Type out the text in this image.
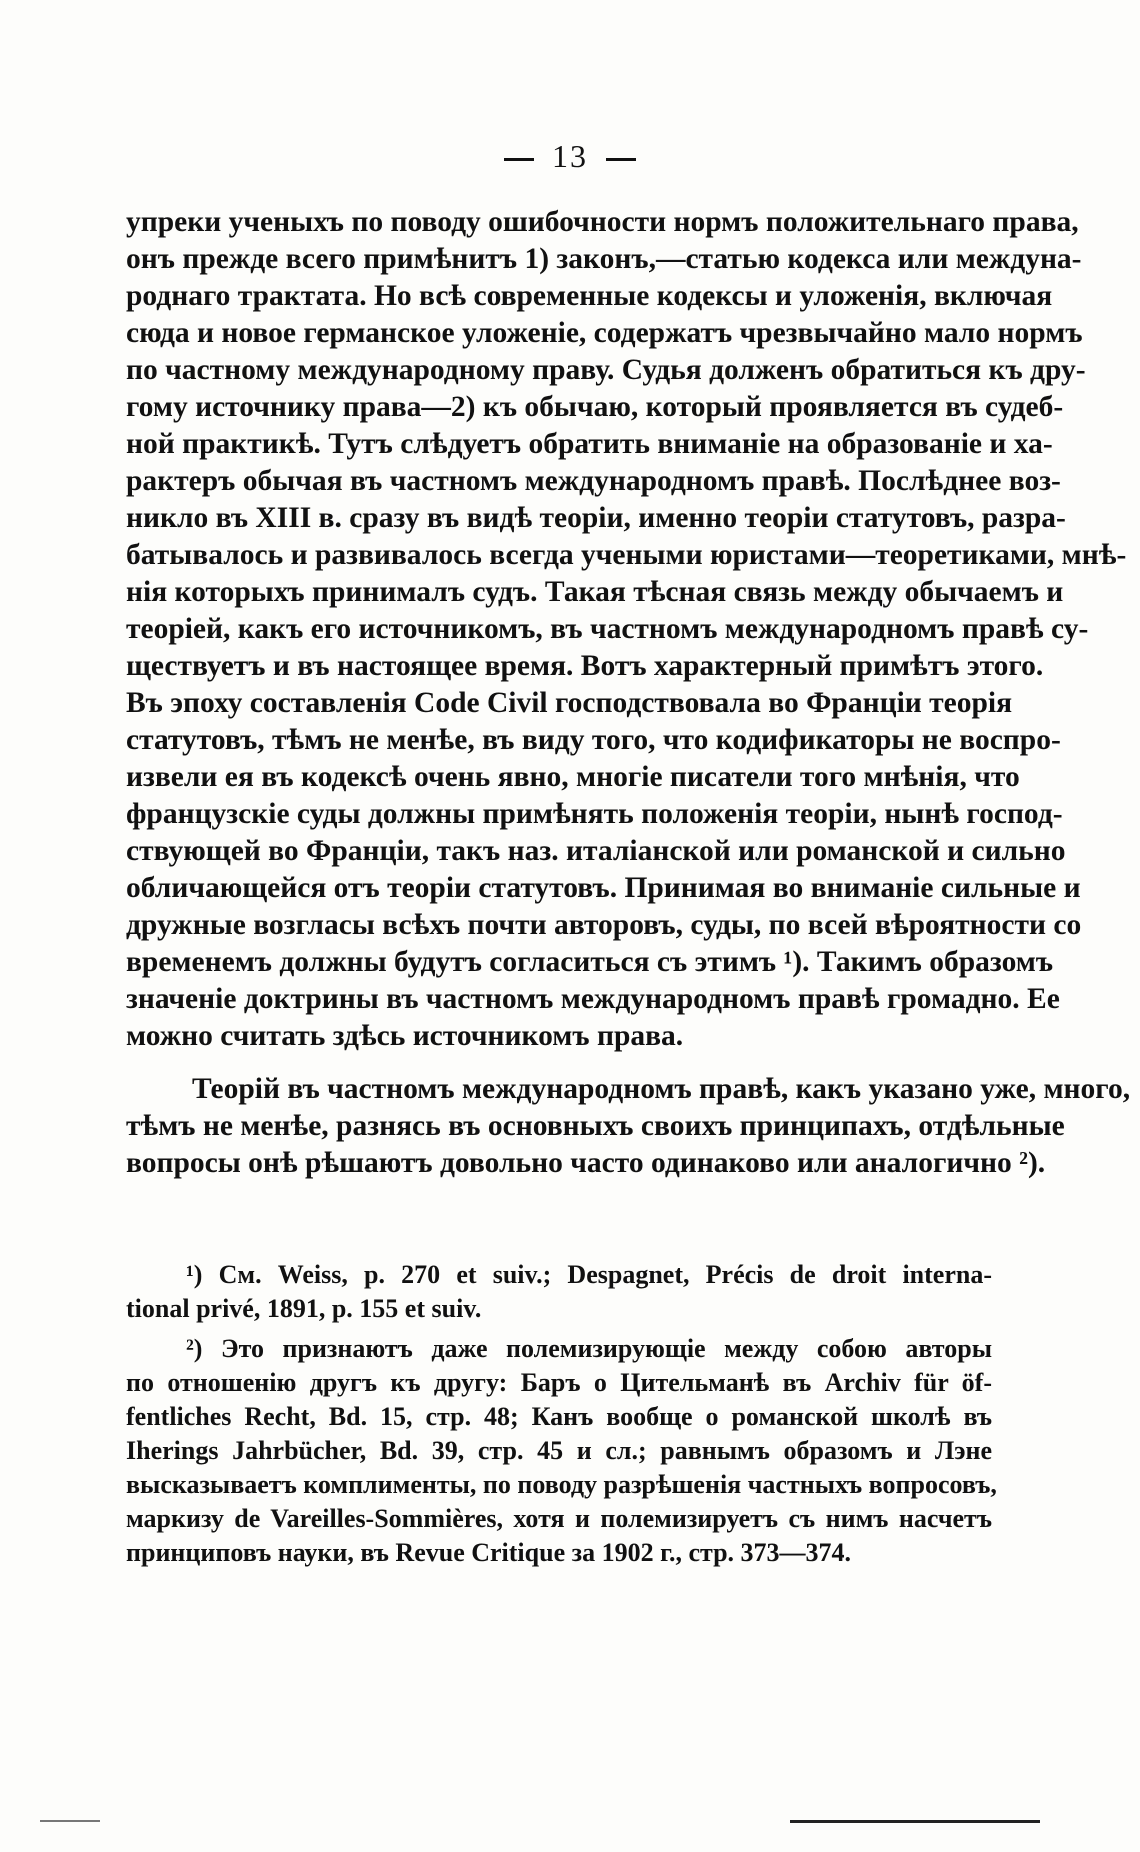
13
упреки ученыхъ по поводу ошибочности нормъ положительнаго права,
онъ прежде всего примѣнитъ 1) законъ,—статью кодекса или междуна-
роднаго трактата. Но всѣ современные кодексы и уложенія, включая
сюда и новое германское уложеніе, содержатъ чрезвычайно мало нормъ
по частному международному праву. Судья долженъ обратиться къ дру-
гому источнику права—2) къ обычаю, который проявляется въ судеб-
ной практикѣ. Тутъ слѣдуетъ обратить вниманіе на образованіе и ха-
рактеръ обычая въ частномъ международномъ правѣ. Послѣднее воз-
никло въ XIII в. сразу въ видѣ теоріи, именно теоріи статутовъ, разра-
батывалось и развивалось всегда учеными юристами—теоретиками, мнѣ-
нія которыхъ принималъ судъ. Такая тѣсная связь между обычаемъ и
теоріей, какъ его источникомъ, въ частномъ международномъ правѣ су-
ществуетъ и въ настоящее время. Вотъ характерный примѣтъ этого.
Въ эпоху составленія Code Civil господствовала во Франціи теорія
статутовъ, тѣмъ не менѣе, въ виду того, что кодификаторы не воспро-
извели ея въ кодексѣ очень явно, многіе писатели того мнѣнія, что
французскіе суды должны примѣнять положенія теоріи, нынѣ господ-
ствующей во Франціи, такъ наз. италіанской или романской и сильно
обличающейся отъ теоріи статутовъ. Принимая во вниманіе сильные и
дружные возгласы всѣхъ почти авторовъ, суды, по всей вѣроятности со
временемъ должны будутъ согласиться съ этимъ ¹). Такимъ образомъ
значеніе доктрины въ частномъ международномъ правѣ громадно. Ее
можно считать здѣсь источникомъ права.
Теорій въ частномъ международномъ правѣ, какъ указано уже, много,
тѣмъ не менѣе, разнясь въ основныхъ своихъ принципахъ, отдѣльные
вопросы онѣ рѣшаютъ довольно часто одинаково или аналогично ²).
¹) См. Weiss, p. 270 et suiv.; Despagnet, Précis de droit interna-
tional privé, 1891, p. 155 et suiv.
²) Это признаютъ даже полемизирующіе между собою авторы
по отношенію другъ къ другу: Баръ о Цительманѣ въ Archiv für öf-
fentliches Recht, Bd. 15, стр. 48; Канъ вообще о романской школѣ въ
Iherings Jahrbücher, Bd. 39, стр. 45 и сл.; равнымъ образомъ и Лэне
высказываетъ комплименты, по поводу разрѣшенія частныхъ вопросовъ,
маркизу de Vareilles-Sommières, хотя и полемизируетъ съ нимъ насчетъ
принциповъ науки, въ Revue Critique за 1902 г., стр. 373—374.
